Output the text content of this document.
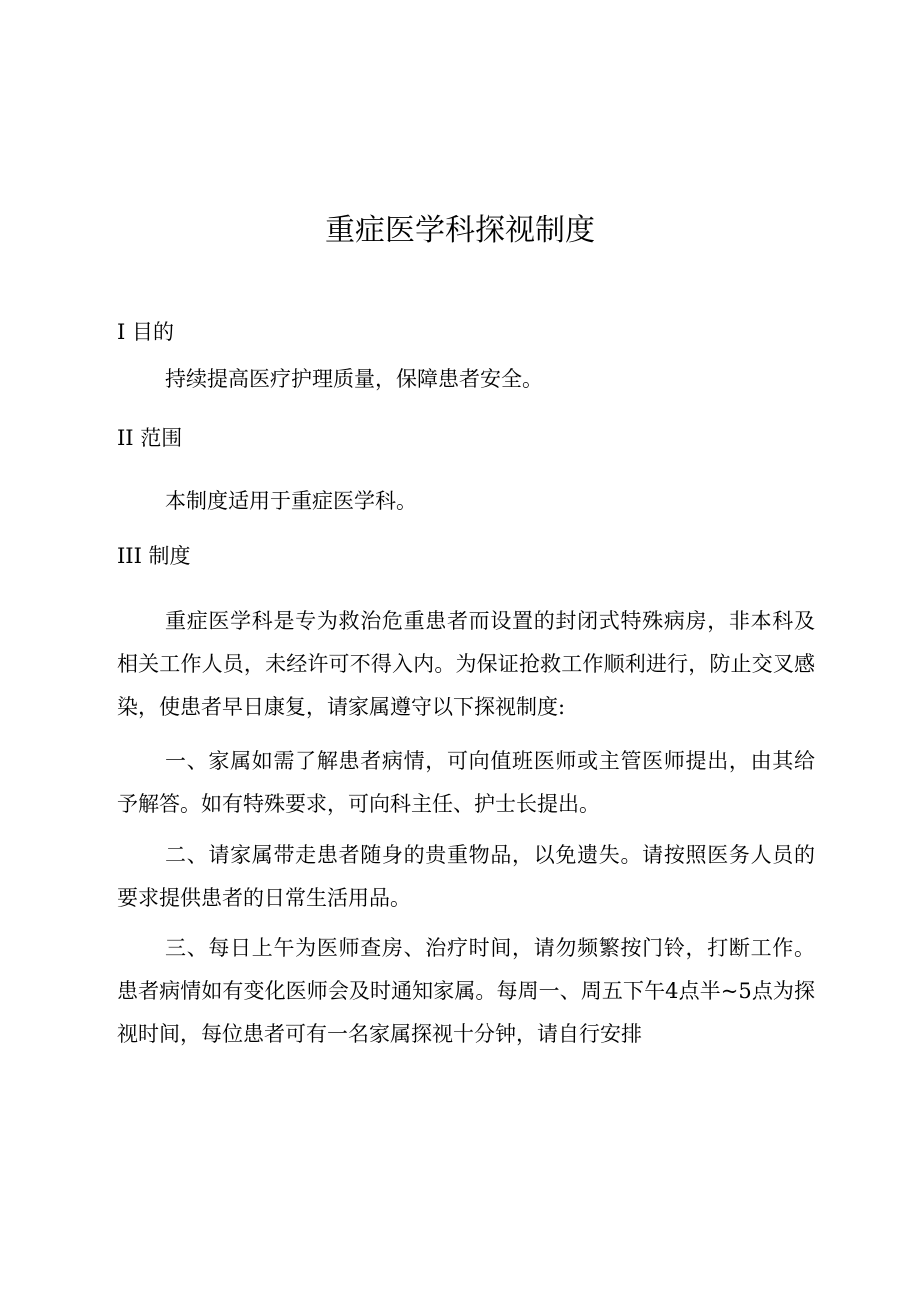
重症医学科探视制度
I 目的

持续提高医疗护理质量，保障患者安全。

II 范围

本制度适用于重症医学科。

III 制度

重症医学科是专为救治危重患者而设置的封闭式特殊病房，非本科及相关工作人员，未经许可不得入内。为保证抢救工作顺利进行，防止交叉感染，使患者早日康复，请家属遵守以下探视制度:

一、家属如需了解患者病情，可向值班医师或主管医师提出，由其给予解答。如有特殊要求，可向科主任、护士长提出。

二、请家属带走患者随身的贵重物品，以免遗失。请按照医务人员的要求提供患者的日常生活用品。

三、每日上午为医师查房、治疗时间，请勿频繁按门铃，打断工作。患者病情如有变化医师会及时通知家属。每周一、周五下午4点半~5点为探视时间，每位患者可有一名家属探视十分钟，请自行安排
